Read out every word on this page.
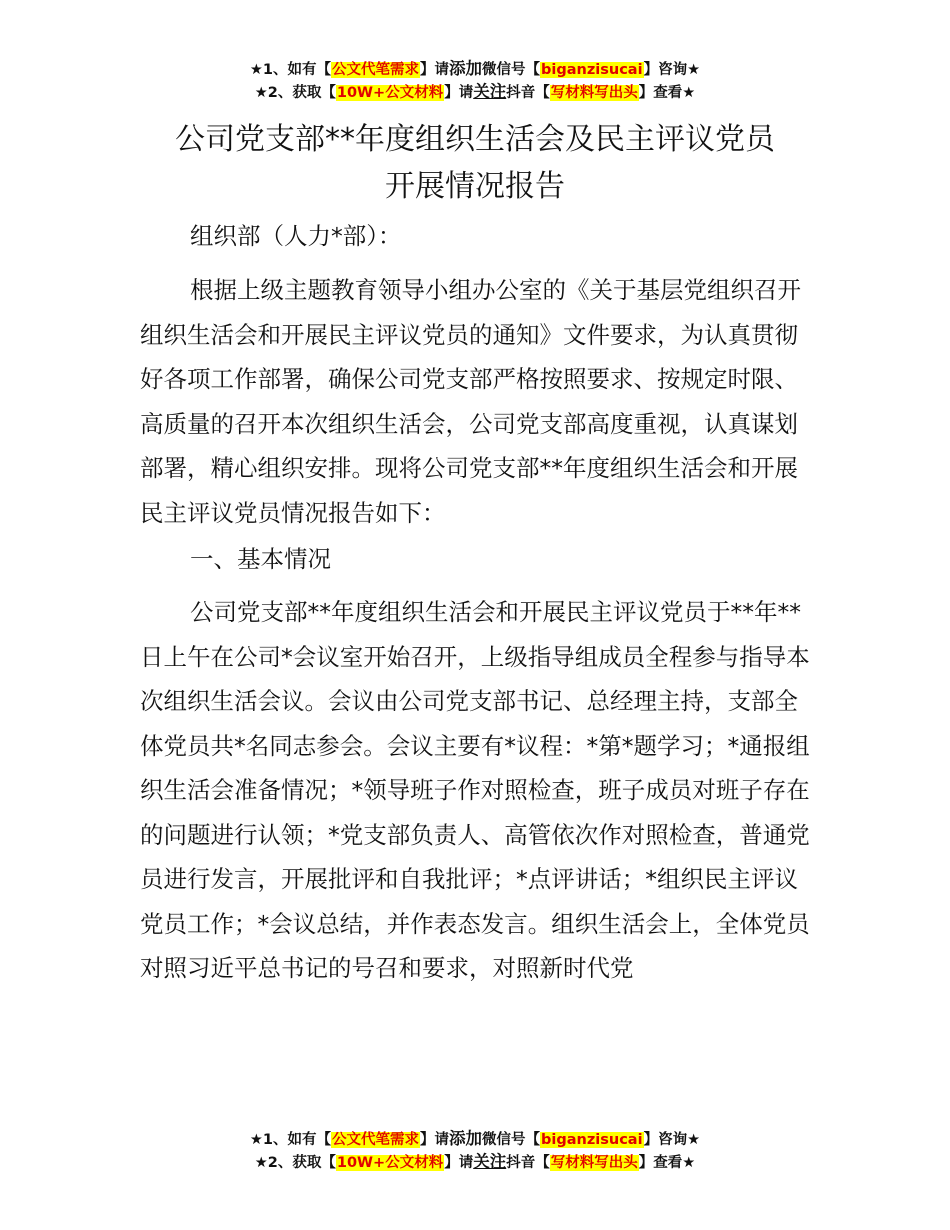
★1、如有【公文代笔需求】请添加微信号【biganzisucai】咨询★
★2、获取【10W+公文材料】请关注抖音【写材料写出头】查看★
公司党支部**年度组织生活会及民主评议党员
开展情况报告
组织部（人力*部）：
根据上级主题教育领导小组办公室的《关于基层党组织召开组织生活会和开展民主评议党员的通知》文件要求，为认真贯彻好各项工作部署，确保公司党支部严格按照要求、按规定时限、高质量的召开本次组织生活会，公司党支部高度重视，认真谋划部署，精心组织安排。现将公司党支部**年度组织生活会和开展民主评议党员情况报告如下：
一、基本情况
公司党支部**年度组织生活会和开展民主评议党员于**年**日上午在公司*会议室开始召开，上级指导组成员全程参与指导本次组织生活会议。会议由公司党支部书记、总经理主持，支部全体党员共*名同志参会。会议主要有*议程：*第*题学习；*通报组织生活会准备情况；*领导班子作对照检查，班子成员对班子存在的问题进行认领；*党支部负责人、高管依次作对照检查，普通党员进行发言，开展批评和自我批评；*点评讲话；*组织民主评议党员工作；*会议总结，并作表态发言。组织生活会上，全体党员对照习近平总书记的号召和要求，对照新时代党
★1、如有【公文代笔需求】请添加微信号【biganzisucai】咨询★
★2、获取【10W+公文材料】请关注抖音【写材料写出头】查看★
